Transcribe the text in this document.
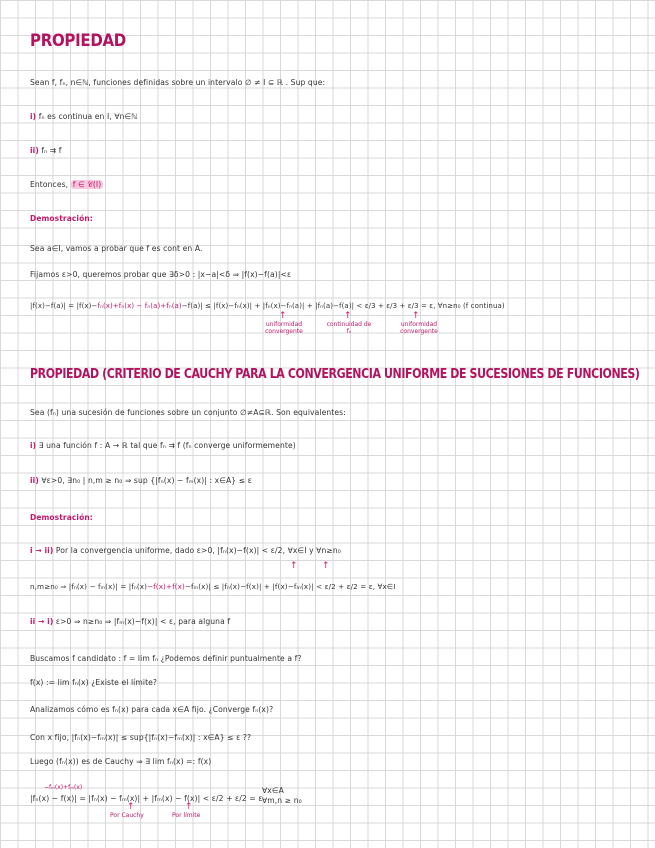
PROPIEDAD
Sean f, fₙ, n∈ℕ, funciones definidas sobre un intervalo ∅ ≠ I ⊆ ℝ . Sup que:
i) fₙ es continua en I, ∀n∈ℕ
ii) fₙ ⇉ f
Entonces, f ∈ 𝒞(I)
Demostración:
Sea a∈I, vamos a probar que f es cont en A.
Fijamos ε>0, queremos probar que ∃δ>0 : |x−a|<δ ⇒ |f(x)−f(a)|<ε
|f(x)−f(a)| = |f(x)−fₙ(x)+fₙ(x) − fₙ(a)+fₙ(a)−f(a)| ≤ |f(x)−fₙ(x)| + |fₙ(x)−fₙ(a)| + |fₙ(a)−f(a)| < ε/3 + ε/3 + ε/3 = ε, ∀n≥n₀ (f continua)
↑	↑	↑
uniformidad convergente
continuidad de fₙ
uniformidad convergente
PROPIEDAD (CRITERIO DE CAUCHY PARA LA CONVERGENCIA UNIFORME DE SUCESIONES DE FUNCIONES)
Sea (fₙ) una sucesión de funciones sobre un conjunto ∅≠A⊆ℝ. Son equivalentes:
i) ∃ una función f : A → ℝ tal que fₙ ⇉ f (fₙ converge uniformemente)
ii) ∀ε>0, ∃n₀ | n,m ≥ n₀ ⇒ sup {|fₙ(x) − fₘ(x)| : x∈A} ≤ ε
Demostración:
i → ii) Por la convergencia uniforme, dado ε>0, |fₙ(x)−f(x)| < ε/2, ∀x∈I y ∀n≥n₀
↑	↑
n,m≥n₀ ⇒ |fₙ(x) − fₘ(x)| = |fₙ(x)−f(x)+f(x)−fₘ(x)| ≤ |fₙ(x)−f(x)| + |f(x)−fₘ(x)| < ε/2 + ε/2 = ε, ∀x∈I
ii → i) ε>0 ⇒ n≥n₀ ⇒ |fₘ(x)−f(x)| < ε, para alguna f
Buscamos f candidato : f = lim fₙ ¿Podemos definir puntualmente a f?
f(x) := lim fₙ(x) ¿Existe el límite?
Analizamos cómo es fₙ(x) para cada x∈A fijo. ¿Converge fₙ(x)?
Con x fijo, |fₙ(x)−fₘ(x)| ≤ sup{|fₙ(x)−fₘ(x)| : x∈A} ≤ ε ??
Luego (fₙ(x)) es de Cauchy ⇒ ∃ lim fₙ(x) =: f(x)
−fₘ(x)+fₘ(x)
|fₙ(x) − f(x)| = |fₙ(x) − fₘ(x)| + |fₘ(x) − f(x)| < ε/2 + ε/2 = ε
∀x∈A
∀m,n ≥ n₀
↑	↑
Por Cauchy	Por límite
